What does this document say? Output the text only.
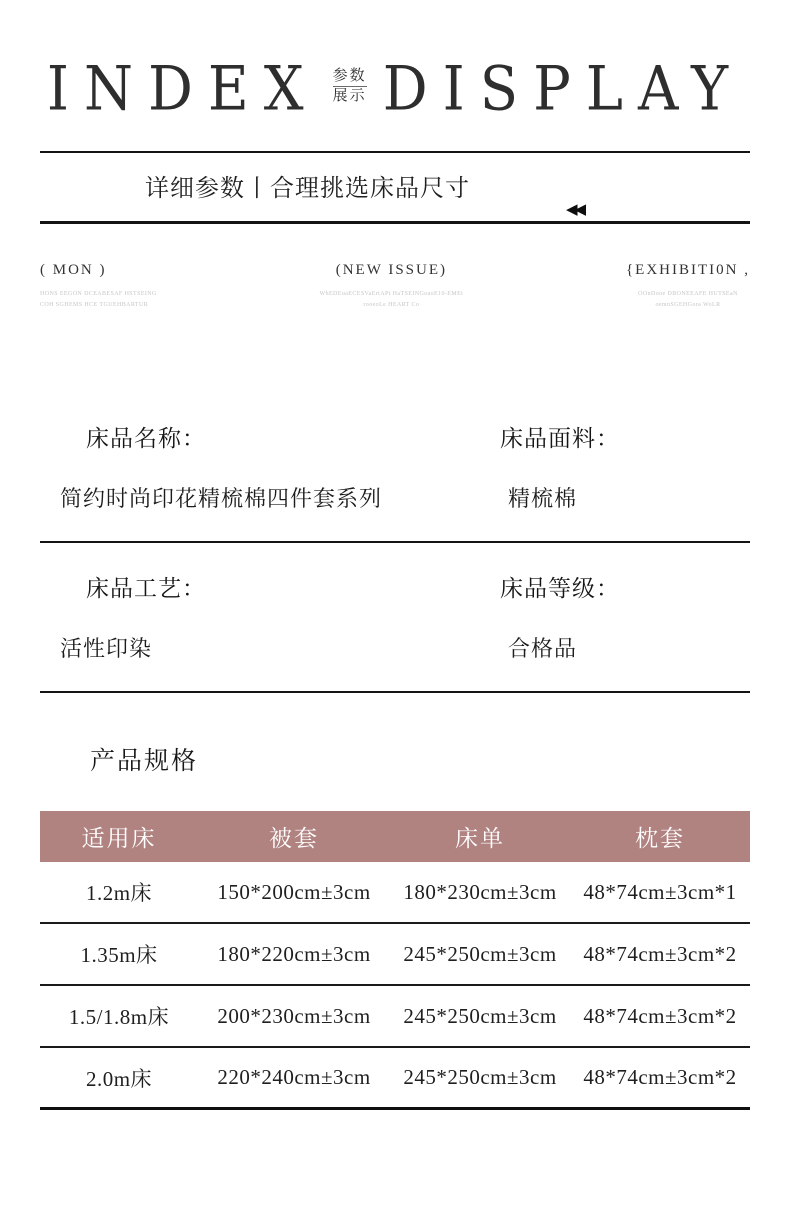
INDEX 参数
展示 DISPLAY
详细参数丨合理挑选床品尺寸
◀◀
( MON )
HONS EEGON DCEABESAF HSTSEING
COH SGHEMS HCE TGUEHBARTUR
(NEW ISSUE)
WhEDEuaECESVaErtAPt HaTSEINGoaoE10-EMEt
rooeoLe HEART Co
{EXHIBITI0N ,
OOnDooe DBONEEAFE HUTSEaN
oemnSGEHGora WoLR
床品名称：
简约时尚印花精梳棉四件套系列
床品面料：
精梳棉
床品工艺：
活性印染
床品等级：
合格品
产品规格
适用床	被套	床单	枕套
1.2m床	150*200cm±3cm	180*230cm±3cm	48*74cm±3cm*1
1.35m床	180*220cm±3cm	245*250cm±3cm	48*74cm±3cm*2
1.5/1.8m床	200*230cm±3cm	245*250cm±3cm	48*74cm±3cm*2
2.0m床	220*240cm±3cm	245*250cm±3cm	48*74cm±3cm*2
